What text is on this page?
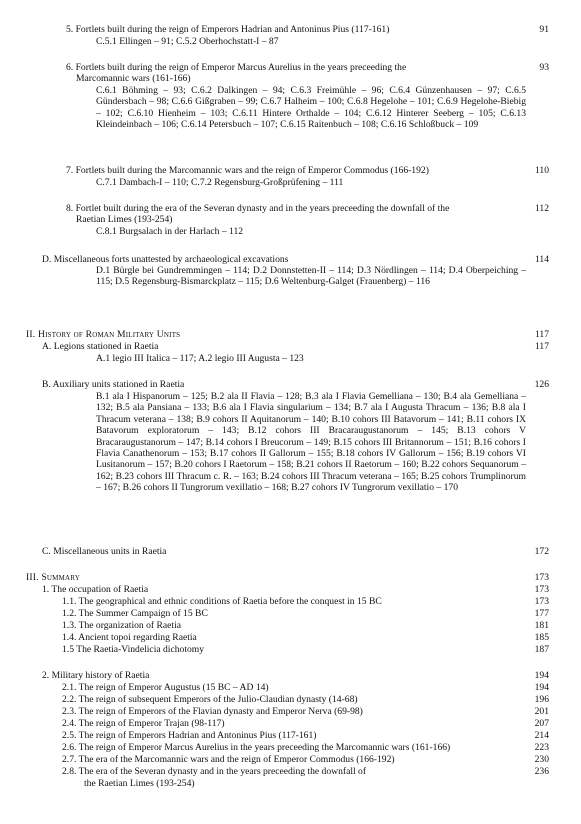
5. Fortlets built during the reign of Emperors Hadrian and Antoninus Pius (117-161)	91
C.5.1 Ellingen – 91; C.5.2 Oberhochstatt-I – 87
6. Fortlets built during the reign of Emperor Marcus Aurelius in the years preceeding the	93
Marcomannic wars (161-166)
C.6.1 Böhming – 93; C.6.2 Dalkingen – 94; C.6.3 Freimühle – 96; C.6.4 Günzenhausen – 97; C.6.5 Gündersbach – 98; C.6.6 Gißgraben – 99; C.6.7 Halheim – 100; C.6.8 Hegelohe – 101; C.6.9 Hegelohe-Biebig – 102; C.6.10 Hienheim – 103; C.6.11 Hintere Orthalde – 104; C.6.12 Hinterer Seeberg – 105; C.6.13 Kleindeinbach – 106; C.6.14 Petersbuch – 107; C.6.15 Raitenbuch – 108; C.6.16 Schloßbuck – 109
7. Fortlets built during the Marcomannic wars and the reign of Emperor Commodus (166-192)	110
C.7.1 Dambach-I – 110; C.7.2 Regensburg-Großprüfening – 111
8. Fortlet built during the era of the Severan dynasty and in the years preceeding the downfall of the	112
Raetian Limes (193-254)
C.8.1 Burgsalach in der Harlach – 112
D. Miscellaneous forts unattested by archaeological excavations	114
D.1 Bürgle bei Gundremmingen – 114; D.2 Donnstetten-II – 114; D.3 Nördlingen – 114; D.4 Oberpeiching – 115; D.5 Regensburg-Bismarckplatz – 115; D.6 Weltenburg-Galget (Frauenberg) – 116
II. History of Roman Military Units	117
A. Legions stationed in Raetia	117
A.1 legio III Italica – 117; A.2 legio III Augusta – 123
B. Auxiliary units stationed in Raetia	126
B.1 ala I Hispanorum – 125; B.2 ala II Flavia – 128; B.3 ala I Flavia Gemelliana – 130; B.4 ala Gemelliana – 132; B.5 ala Pansiana – 133; B.6 ala I Flavia singularium – 134; B.7 ala I Augusta Thracum – 136; B.8 ala I Thracum veterana – 138; B.9 cohors II Aquitanorum – 140; B.10 cohors III Batavorum – 141; B.11 cohors IX Batavorum exploratorum – 143; B.12 cohors III Bracaraugustanorum – 145; B.13 cohors V Bracaraugustanorum – 147; B.14 cohors I Breucorum – 149; B.15 cohors III Britannorum – 151; B.16 cohors I Flavia Canathenorum – 153; B.17 cohors II Gallorum – 155; B.18 cohors IV Gallorum – 156; B.19 cohors VI Lusitanorum – 157; B.20 cohors I Raetorum – 158; B.21 cohors II Raetorum – 160; B.22 cohors Sequanorum – 162; B.23 cohors III Thracum c. R. – 163; B.24 cohors III Thracum veterana – 165; B.25 cohors Trumplinorum – 167; B.26 cohors II Tungrorum vexillatio – 168; B.27 cohors IV Tungrorum vexillatio – 170
C. Miscellaneous units in Raetia	172
III. Summary	173
1. The occupation of Raetia	173
1.1. The geographical and ethnic conditions of Raetia before the conquest in 15 BC	173
1.2. The Summer Campaign of 15 BC	177
1.3. The organization of Raetia	181
1.4. Ancient topoi regarding Raetia	185
1.5 The Raetia-Vindelicia dichotomy	187
2. Military history of Raetia	194
2.1. The reign of Emperor Augustus (15 BC – AD 14)	194
2.2. The reign of subsequent Emperors of the Julio-Claudian dynasty (14-68)	196
2.3. The reign of Emperors of the Flavian dynasty and Emperor Nerva (69-98)	201
2.4. The reign of Emperor Trajan (98-117)	207
2.5. The reign of Emperors Hadrian and Antoninus Pius (117-161)	214
2.6. The reign of Emperor Marcus Aurelius in the years preceeding the Marcomannic wars (161-166)	223
2.7. The era of the Marcomannic wars and the reign of Emperor Commodus (166-192)	230
2.8. The era of the Severan dynasty and in the years preceeding the downfall of	236
the Raetian Limes (193-254)
